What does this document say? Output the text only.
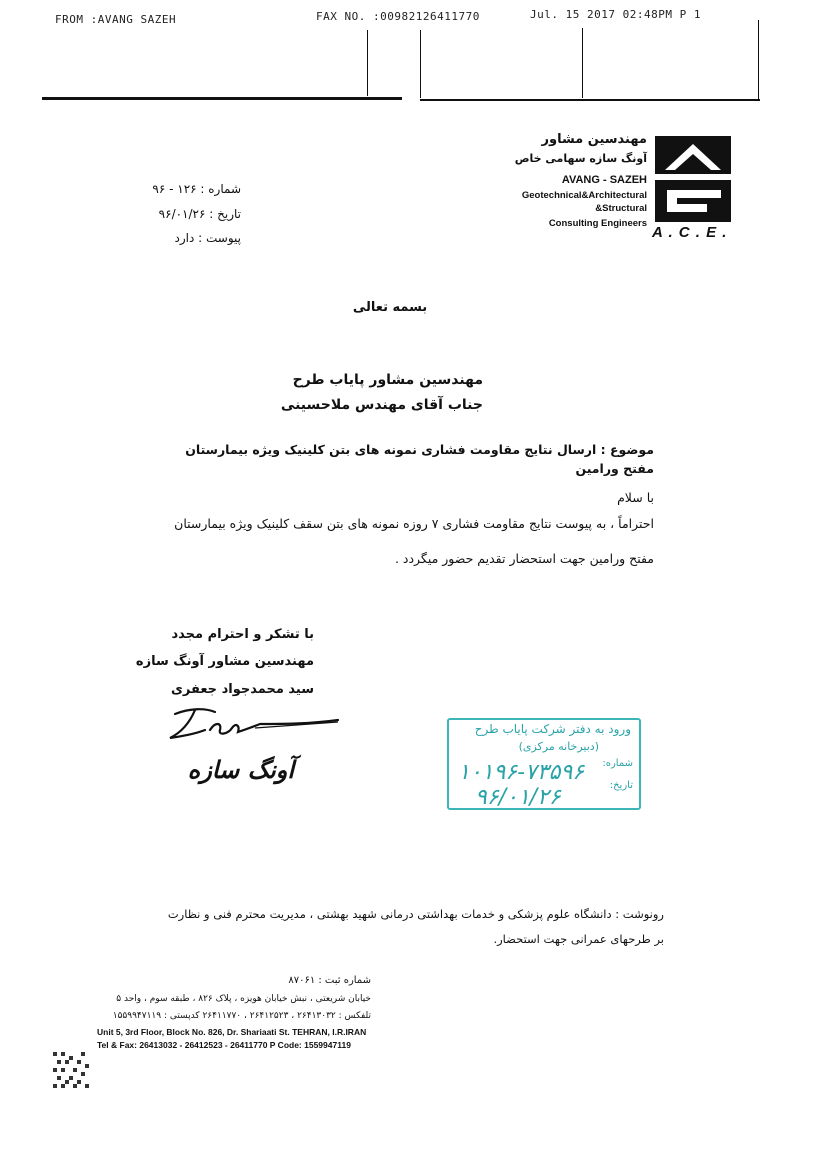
FROM :AVANG SAZEH	FAX NO. :00982126411770	Jul. 15 2017 02:48PM P 1
مهندسین مشاور
آونگ سازه سهامی خاص
AVANG - SAZEH
Geotechnical&Architectural
&Structural
Consulting Engineers
A . C . E .
شماره : ۱۲۶ - ۹۶
تاریخ : ۹۶/۰۱/۲۶
پیوست : دارد
بسمه تعالی
مهندسین مشاور پایاب طرح
جناب آقای مهندس ملاحسینی
موضوع : ارسال نتایج مقاومت فشاری نمونه های بتن کلینیک ویژه بیمارستان مفتح ورامین
با سلام
احتراماً ، به پیوست نتایج مقاومت فشاری ۷ روزه نمونه های بتن سقف کلینیک ویژه بیمارستان
مفتح ورامین جهت استحضار تقدیم حضور میگردد .
با تشکر و احترام مجدد
مهندسین مشاور آونگ سازه
سید محمدجواد جعفری
آونگ سازه
ورود به دفتر شرکت پایاب طرح
(دبیرخانه مرکزی)
شماره:
تاریخ:
۱۰۱۹۶-۷۳۵۹۶
۹۶/۰۱/۲۶
رونوشت : دانشگاه علوم پزشکی و خدمات بهداشتی درمانی شهید بهشتی ، مدیریت محترم فنی و نظارت
بر طرحهای عمرانی جهت استحضار.
شماره ثبت : ۸۷۰۶۱
خیابان شریعتی ، نبش خیابان هویزه ، پلاک ۸۲۶ ، طبقه سوم ، واحد ۵
تلفکس : ۲۶۴۱۳۰۳۲ ، ۲۶۴۱۲۵۲۳ ، ۲۶۴۱۱۷۷۰ کدپستی : ۱۵۵۹۹۴۷۱۱۹
Unit 5, 3rd Floor, Block No. 826, Dr. Shariaati St. TEHRAN, I.R.IRAN
Tel & Fax: 26413032 - 26412523 - 26411770 P Code: 1559947119
